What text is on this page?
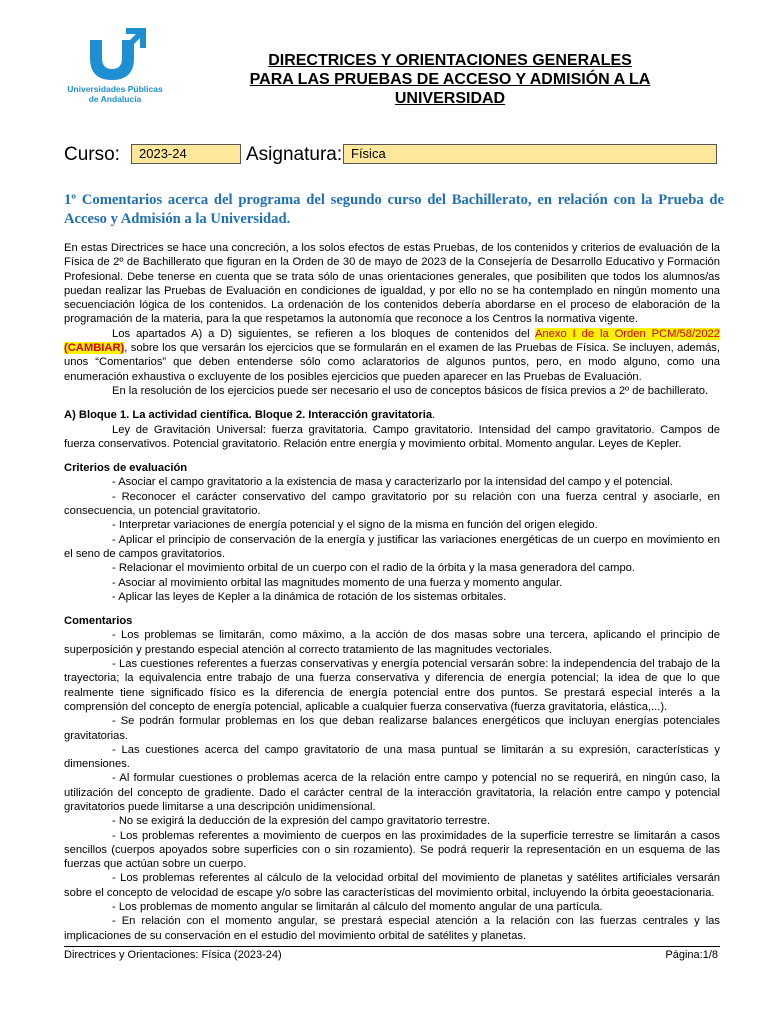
Universidades Públicas
de Andalucía
DIRECTRICES Y ORIENTACIONES GENERALES
PARA LAS PRUEBAS DE ACCESO Y ADMISIÓN A LA
UNIVERSIDAD
Curso:	2023-24	Asignatura: Física
1º Comentarios acerca del programa del segundo curso del Bachillerato, en relación con la Prueba de Acceso y Admisión a la Universidad.

En estas Directrices se hace una concreción, a los solos efectos de estas Pruebas, de los contenidos y criterios de evaluación de la Física de 2º de Bachillerato que figuran en la Orden de 30 de mayo de 2023 de la Consejería de Desarrollo Educativo y Formación Profesional. Debe tenerse en cuenta que se trata sólo de unas orientaciones generales, que posibiliten que todos los alumnos/as puedan realizar las Pruebas de Evaluación en condiciones de igualdad, y por ello no se ha contemplado en ningún momento una secuenciación lógica de los contenidos. La ordenación de los contenidos debería abordarse en el proceso de elaboración de la programación de la materia, para la que respetamos la autonomía que reconoce a los Centros la normativa vigente.

Los apartados A) a D) siguientes, se refieren a los bloques de contenidos del Anexo I de la Orden PCM/58/2022 (CAMBIAR), sobre los que versarán los ejercicios que se formularán en el examen de las Pruebas de Física. Se incluyen, además, unos “Comentarios” que deben entenderse sólo como aclaratorios de algunos puntos, pero, en modo alguno, como una enumeración exhaustiva o excluyente de los posibles ejercicios que pueden aparecer en las Pruebas de Evaluación.

En la resolución de los ejercicios puede ser necesario el uso de conceptos básicos de física previos a 2º de bachillerato.

A) Bloque 1. La actividad científica. Bloque 2. Interacción gravitatoria.

Ley de Gravitación Universal: fuerza gravitatoria. Campo gravitatorio. Intensidad del campo gravitatorio. Campos de fuerza conservativos. Potencial gravitatorio. Relación entre energía y movimiento orbital. Momento angular. Leyes de Kepler.

Criterios de evaluación

- Asociar el campo gravitatorio a la existencia de masa y caracterizarlo por la intensidad del campo y el potencial.

- Reconocer el carácter conservativo del campo gravitatorio por su relación con una fuerza central y asociarle, en consecuencia, un potencial gravitatorio.

- Interpretar variaciones de energía potencial y el signo de la misma en función del origen elegido.

- Aplicar el principio de conservación de la energía y justificar las variaciones energéticas de un cuerpo en movimiento en el seno de campos gravitatorios.

- Relacionar el movimiento orbital de un cuerpo con el radio de la órbita y la masa generadora del campo.

- Asociar al movimiento orbital las magnitudes momento de una fuerza y momento angular.

- Aplicar las leyes de Kepler a la dinámica de rotación de los sistemas orbitales.

Comentarios

- Los problemas se limitarán, como máximo, a la acción de dos masas sobre una tercera, aplicando el principio de superposición y prestando especial atención al correcto tratamiento de las magnitudes vectoriales.

- Las cuestiones referentes a fuerzas conservativas y energía potencial versarán sobre: la independencia del trabajo de la trayectoria; la equivalencia entre trabajo de una fuerza conservativa y diferencia de energía potencial; la idea de que lo que realmente tiene significado físico es la diferencia de energía potencial entre dos puntos. Se prestará especial interés a la comprensión del concepto de energía potencial, aplicable a cualquier fuerza conservativa (fuerza gravitatoria, elástica,...).

- Se podrán formular problemas en los que deban realizarse balances energéticos que incluyan energías potenciales gravitatorias.

- Las cuestiones acerca del campo gravitatorio de una masa puntual se limitarán a su expresión, características y dimensiones.

- Al formular cuestiones o problemas acerca de la relación entre campo y potencial no se requerirá, en ningún caso, la utilización del concepto de gradiente. Dado el carácter central de la interacción gravitatoria, la relación entre campo y potencial gravitatorios puede limitarse a una descripción unidimensional.

- No se exigirá la deducción de la expresión del campo gravitatorio terrestre.

- Los problemas referentes a movimiento de cuerpos en las proximidades de la superficie terrestre se limitarán a casos sencillos (cuerpos apoyados sobre superficies con o sin rozamiento). Se podrá requerir la representación en un esquema de las fuerzas que actúan sobre un cuerpo.

- Los problemas referentes al cálculo de la velocidad orbital del movimiento de planetas y satélites artificiales versarán sobre el concepto de velocidad de escape y/o sobre las características del movimiento orbital, incluyendo la órbita geoestacionaria.

- Los problemas de momento angular se limitarán al cálculo del momento angular de una partícula.

- En relación con el momento angular, se prestará especial atención a la relación con las fuerzas centrales y las implicaciones de su conservación en el estudio del movimiento orbital de satélites y planetas.

Directrices y Orientaciones: Física (2023-24)	Página:1/8
